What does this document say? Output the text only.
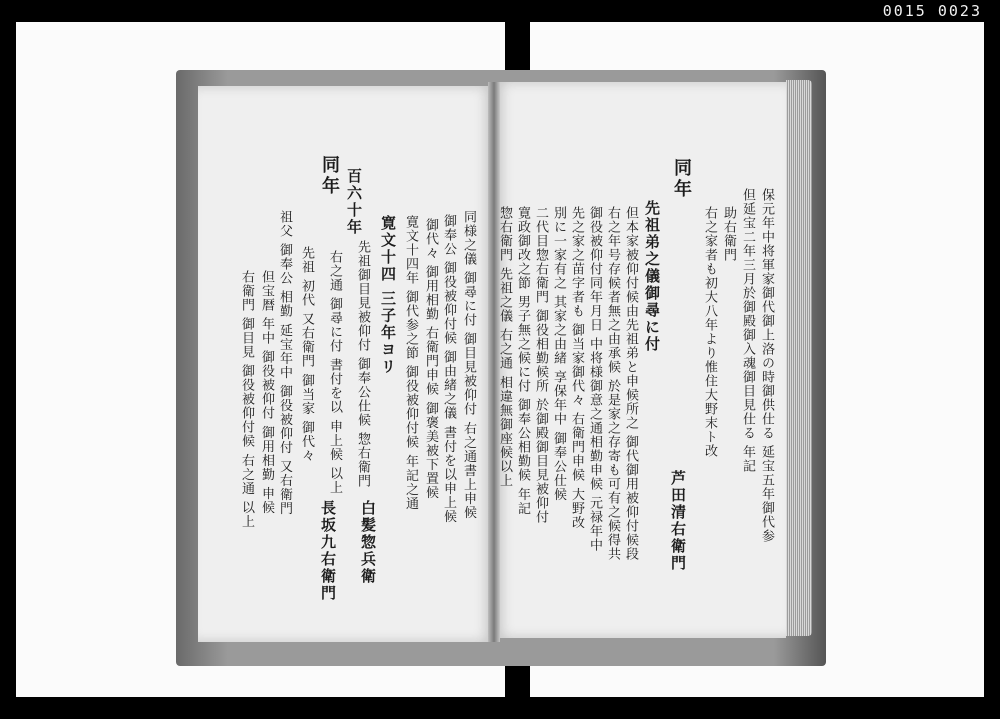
0015 0023
保元年中将軍家御代御上洛の時御供仕る 延宝五年御代参
但延宝二年三月於御殿御入魂御目見仕る 年記
助右衛門
右之家者も初大八年より惟住大野末ト改
同年
先祖弟之儀御尋に付
但本家被仰付候由先祖弟と申候所之 御代御用被仰付候段
右之年号存候者無之由承候 於是家之存寄も可有之候得共
御役被仰付同年月日 中将様御意之通相勤申候 元禄年中
先之家之苗字者も 御当家御代々 右衛門申候 大野改
別に一家有之 其家之由緒 享保年中 御奉公仕候
二代目惣右衛門 御役相勤候所 於御殿御目見被仰付
寛政御改之節 男子無之候に付 御奉公相勤候 年記
惣右衛門 先祖之儀 右之通 相違無御座候以上
芦田清右衛門
同様之儀 御尋に付 御目見被仰付 右之通書上申候
御奉公 御役被仰付候 御由緒之儀 書付を以申上候
御代々 御用相勤 右衛門申候 御褒美被下置候
寛文十四年 御代参之節 御役被仰付候 年記之通
寛文十四 三子年ヨリ
先祖御目見被仰付 御奉公仕候 惣右衛門
百六十年
右之通 御尋に付 書付を以 申上候 以上
同年
先祖 初代 又右衛門 御当家 御代々
祖父 御奉公 相勤 延宝年中 御役被仰付 又右衛門
但宝暦 年中 御役被仰付 御用相勤 申候
右衛門 御目見 御役被仰付候 右之通 以上
白髪惣兵衛
長坂九右衛門
